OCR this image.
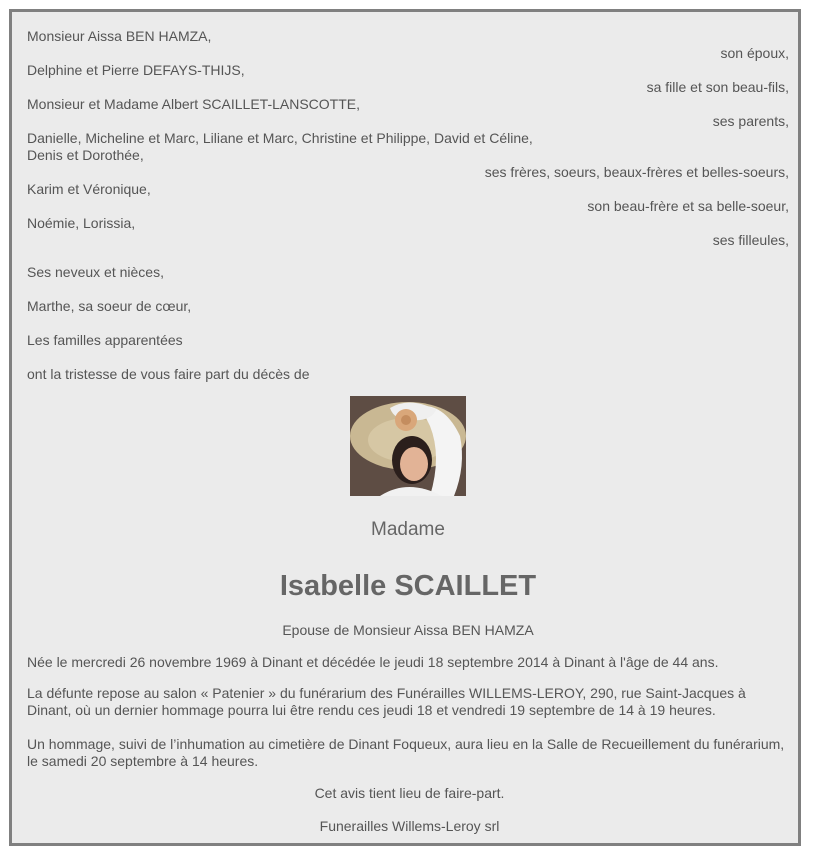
Monsieur Aissa BEN HAMZA,
son époux,
Delphine et Pierre DEFAYS-THIJS,
sa fille et son beau-fils,
Monsieur et Madame Albert SCAILLET-LANSCOTTE,
ses parents,
Danielle, Micheline et Marc, Liliane et Marc, Christine et Philippe, David et Céline,
Denis et Dorothée,
ses frères, soeurs, beaux-frères et belles-soeurs,
Karim et Véronique,
son beau-frère et sa belle-soeur,
Noémie, Lorissia,
ses filleules,
Ses neveux et nièces,
Marthe, sa soeur de cœur,
Les familles apparentées
ont la tristesse de vous faire part du décès de
Madame
Isabelle SCAILLET
Epouse de Monsieur Aissa BEN HAMZA
Née le mercredi 26 novembre 1969 à Dinant et décédée le jeudi 18 septembre 2014 à Dinant à l'âge de 44 ans.
La défunte repose au salon « Patenier » du funérarium des Funérailles WILLEMS-LEROY, 290, rue Saint-Jacques à Dinant, où un dernier hommage pourra lui être rendu ces jeudi 18 et vendredi 19 septembre de 14 à 19 heures.
Un hommage, suivi de l’inhumation au cimetière de Dinant Foqueux, aura lieu en la Salle de Recueillement du funérarium, le samedi 20 septembre à 14 heures.
Cet avis tient lieu de faire-part.
Funerailles Willems-Leroy srl
